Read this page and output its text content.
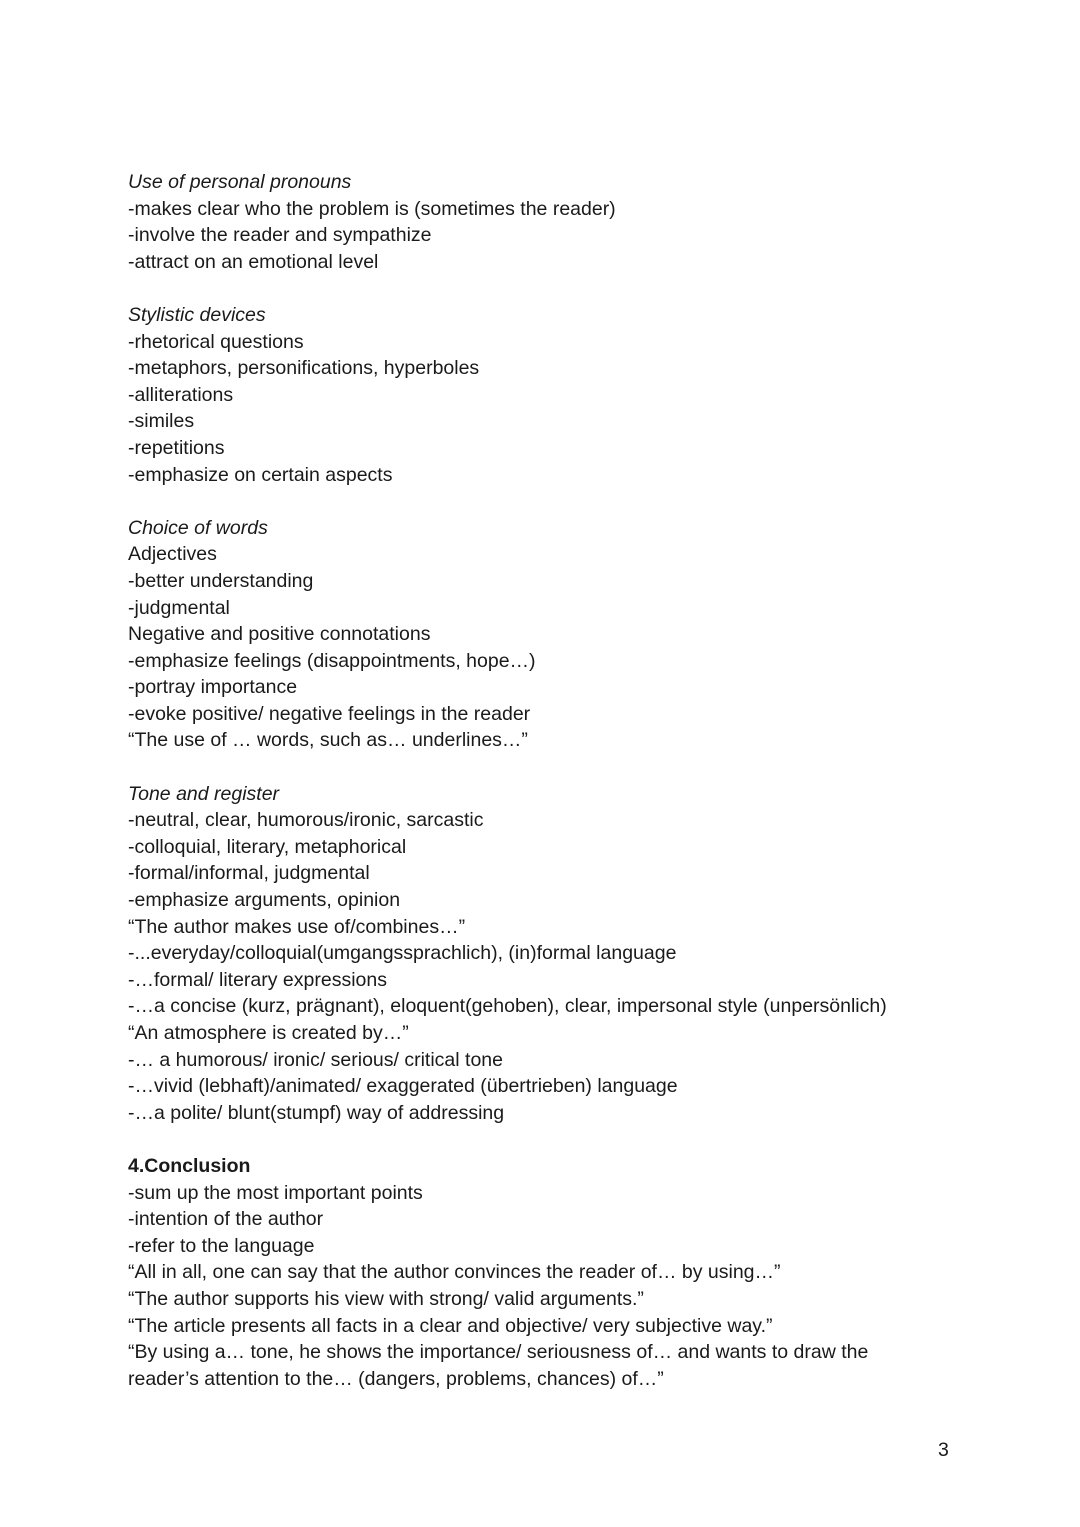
Use of personal pronouns
-makes clear who the problem is (sometimes the reader)
-involve the reader and sympathize
-attract on an emotional level
Stylistic devices
-rhetorical questions
-metaphors, personifications, hyperboles
-alliterations
-similes
-repetitions
-emphasize on certain aspects
Choice of words
Adjectives
-better understanding
-judgmental
Negative and positive connotations
-emphasize feelings (disappointments, hope…)
-portray importance
-evoke positive/ negative feelings in the reader
“The use of … words, such as… underlines…”
Tone and register
-neutral, clear, humorous/ironic, sarcastic
-colloquial, literary, metaphorical
-formal/informal, judgmental
-emphasize arguments, opinion
“The author makes use of/combines…”
-...everyday/colloquial(umgangssprachlich), (in)formal language
-…formal/ literary expressions
-…a concise (kurz, prägnant), eloquent(gehoben), clear, impersonal style (unpersönlich)
“An atmosphere is created by…”
-… a humorous/ ironic/ serious/ critical tone
-…vivid (lebhaft)/animated/ exaggerated (übertrieben) language
-…a polite/ blunt(stumpf) way of addressing
4.Conclusion
-sum up the most important points
-intention of the author
-refer to the language
“All in all, one can say that the author convinces the reader of… by using…”
“The author supports his view with strong/ valid arguments.”
“The article presents all facts in a clear and objective/ very subjective way.”
“By using a… tone, he shows the importance/ seriousness of… and wants to draw the
reader’s attention to the… (dangers, problems, chances) of…”
3
